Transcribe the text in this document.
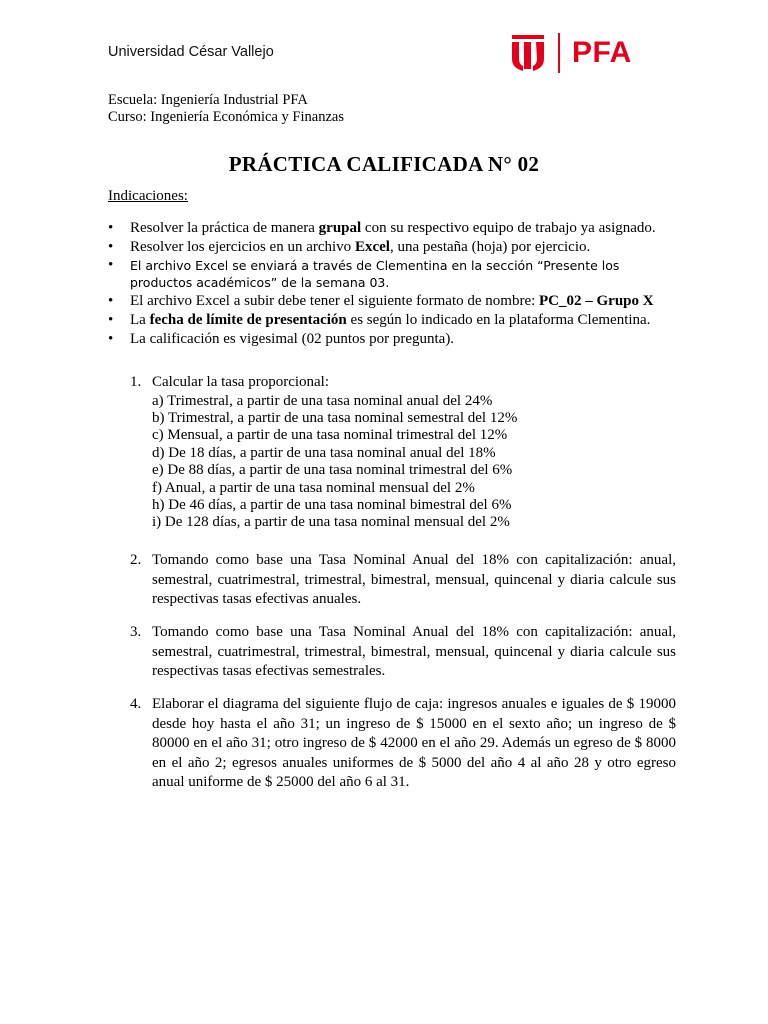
Universidad César Vallejo	PFA
Escuela: Ingeniería Industrial PFA
Curso: Ingeniería Económica y Finanzas
PRÁCTICA CALIFICADA N° 02
Indicaciones:
• Resolver la práctica de manera grupal con su respectivo equipo de trabajo ya asignado.
• Resolver los ejercicios en un archivo Excel, una pestaña (hoja) por ejercicio.
• El archivo Excel se enviará a través de Clementina en la sección “Presente los productos académicos” de la semana 03.
• El archivo Excel a subir debe tener el siguiente formato de nombre: PC_02 – Grupo X
• La fecha de límite de presentación es según lo indicado en la plataforma Clementina.
• La calificación es vigesimal (02 puntos por pregunta).
1. Calcular la tasa proporcional:
a) Trimestral, a partir de una tasa nominal anual del 24%
b) Trimestral, a partir de una tasa nominal semestral del 12%
c) Mensual, a partir de una tasa nominal trimestral del 12%
d) De 18 días, a partir de una tasa nominal anual del 18%
e) De 88 días, a partir de una tasa nominal trimestral del 6%
f) Anual, a partir de una tasa nominal mensual del 2%
h) De 46 días, a partir de una tasa nominal bimestral del 6%
i) De 128 días, a partir de una tasa nominal mensual del 2%
2. Tomando como base una Tasa Nominal Anual del 18% con capitalización: anual, semestral, cuatrimestral, trimestral, bimestral, mensual, quincenal y diaria calcule sus respectivas tasas efectivas anuales.
3. Tomando como base una Tasa Nominal Anual del 18% con capitalización: anual, semestral, cuatrimestral, trimestral, bimestral, mensual, quincenal y diaria calcule sus respectivas tasas efectivas semestrales.
4. Elaborar el diagrama del siguiente flujo de caja: ingresos anuales e iguales de $ 19000 desde hoy hasta el año 31; un ingreso de $ 15000 en el sexto año; un ingreso de $ 80000 en el año 31; otro ingreso de $ 42000 en el año 29. Además un egreso de $ 8000 en el año 2; egresos anuales uniformes de $ 5000 del año 4 al año 28 y otro egreso anual uniforme de $ 25000 del año 6 al 31.
